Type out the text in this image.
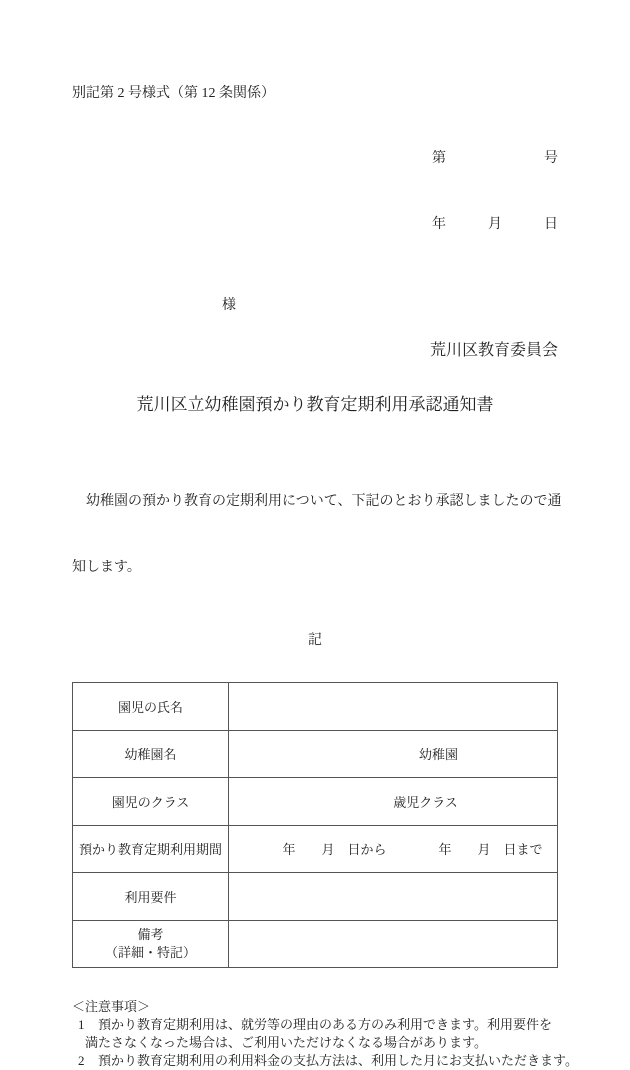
別記第 2 号様式（第 12 条関係）

第　　　　　　　号

年　　　月　　　日

様
荒川区教育委員会
荒川区立幼稚園預かり教育定期利用承認通知書

　幼稚園の預かり教育の定期利用について、下記のとおり承認しましたので通

知します。

記
園児の氏名	
幼稚園名	　　　　　　　幼稚園
園児のクラス	　　　　　歳児クラス
預かり教育定期利用期間	　　　年　　月　日から　　　　年　　月　日まで
利用要件	

備考
（詳細・特記）	

＜注意事項＞
1	預かり教育定期利用は、就労等の理由のある方のみ利用できます。利用要件を
満たさなくなった場合は、ご利用いただけなくなる場合があります。
2	預かり教育定期利用の利用料金の支払方法は、利用した月にお支払いただきます。
